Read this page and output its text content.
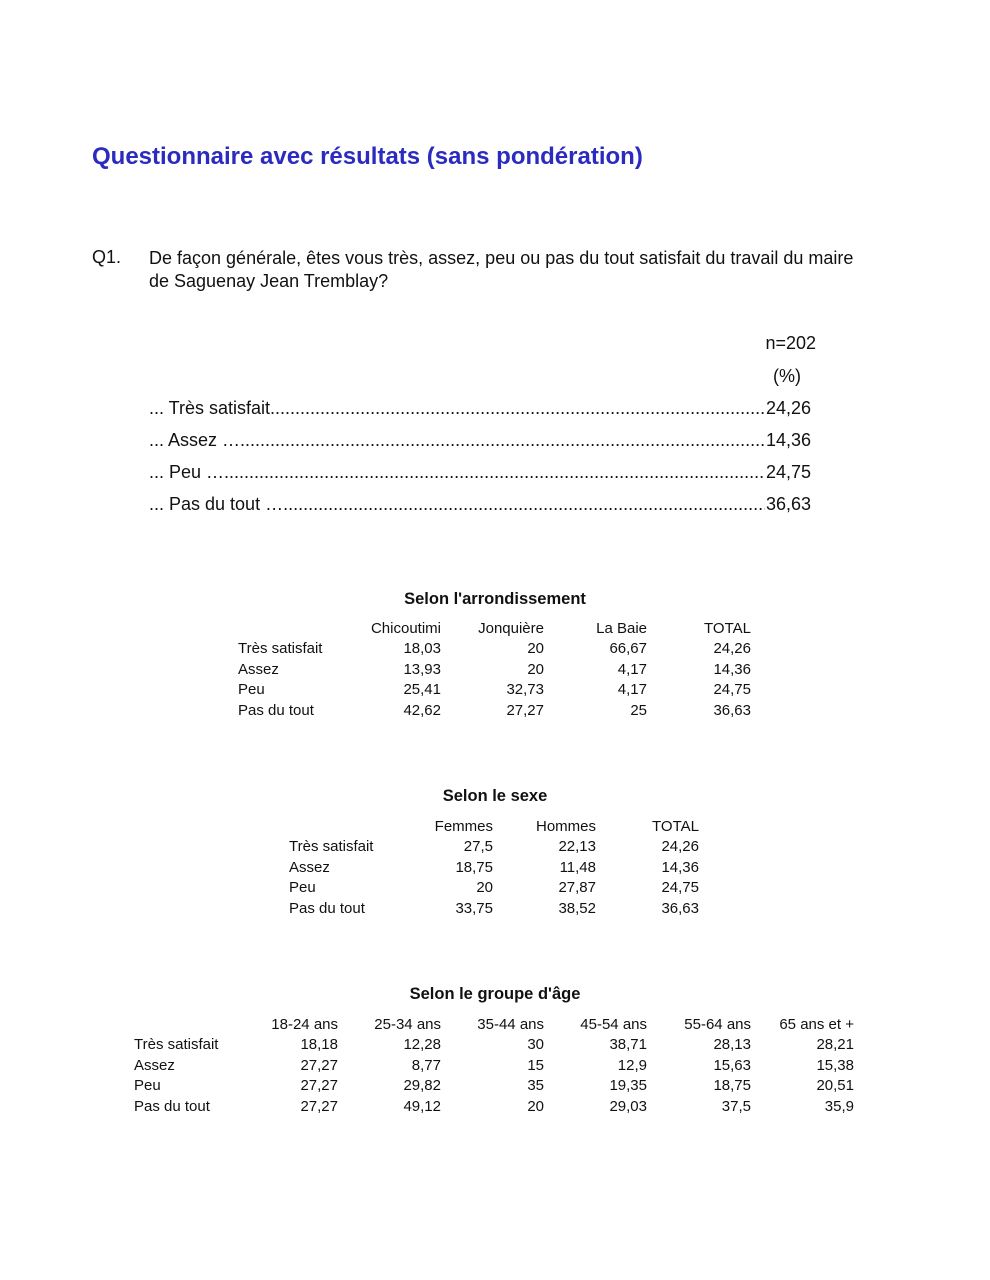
Questionnaire avec résultats (sans pondération)
Q1. De façon générale, êtes vous très, assez, peu ou pas du tout satisfait du travail du maire de Saguenay Jean Tremblay?
n=202
(%)
... Très satisfait .....	24,26
... Assez … .....	14,36
... Peu … .....	24,75
... Pas du tout … .....	36,63
Selon l'arrondissement
	Chicoutimi	Jonquière	La Baie	TOTAL
Très satisfait	18,03	20	66,67	24,26
Assez	13,93	20	4,17	14,36
Peu	25,41	32,73	4,17	24,75
Pas du tout	42,62	27,27	25	36,63
Selon le sexe
	Femmes	Hommes	TOTAL
Très satisfait	27,5	22,13	24,26
Assez	18,75	11,48	14,36
Peu	20	27,87	24,75
Pas du tout	33,75	38,52	36,63
Selon le groupe d'âge
	18-24 ans	25-34 ans	35-44 ans	45-54 ans	55-64 ans	65 ans et +
Très satisfait	18,18	12,28	30	38,71	28,13	28,21
Assez	27,27	8,77	15	12,9	15,63	15,38
Peu	27,27	29,82	35	19,35	18,75	20,51
Pas du tout	27,27	49,12	20	29,03	37,5	35,9
